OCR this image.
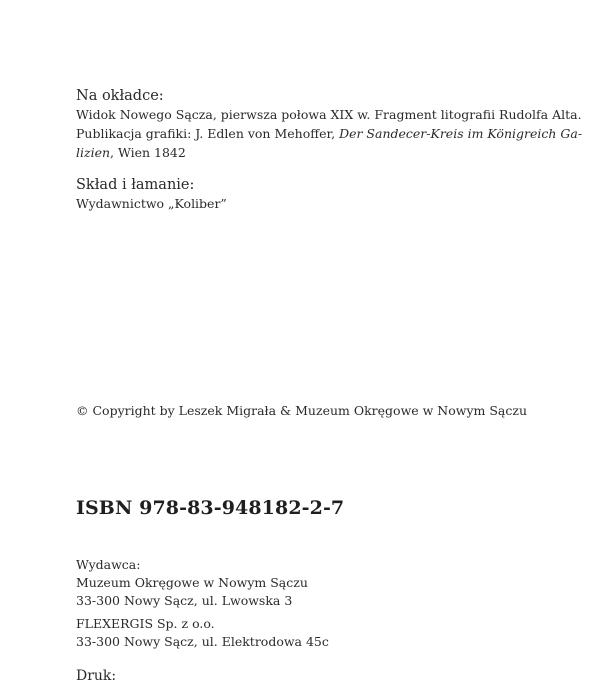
Na okładce:

Widok Nowego Sącza, pierwsza połowa XIX w. Fragment litografii Rudolfa Alta.

Publikacja grafiki: J. Edlen von Mehoffer, Der Sandecer-Kreis im Königreich Ga-

lizien, Wien 1842

Skład i łamanie:

Wydawnictwo „Koliber”

© Copyright by Leszek Migrała & Muzeum Okręgowe w Nowym Sączu

ISBN 978-83-948182-2-7

Wydawca:

Muzeum Okręgowe w Nowym Sączu

33-300 Nowy Sącz, ul. Lwowska 3

FLEXERGIS Sp. z o.o.

33-300 Nowy Sącz, ul. Elektrodowa 45c

Druk:
